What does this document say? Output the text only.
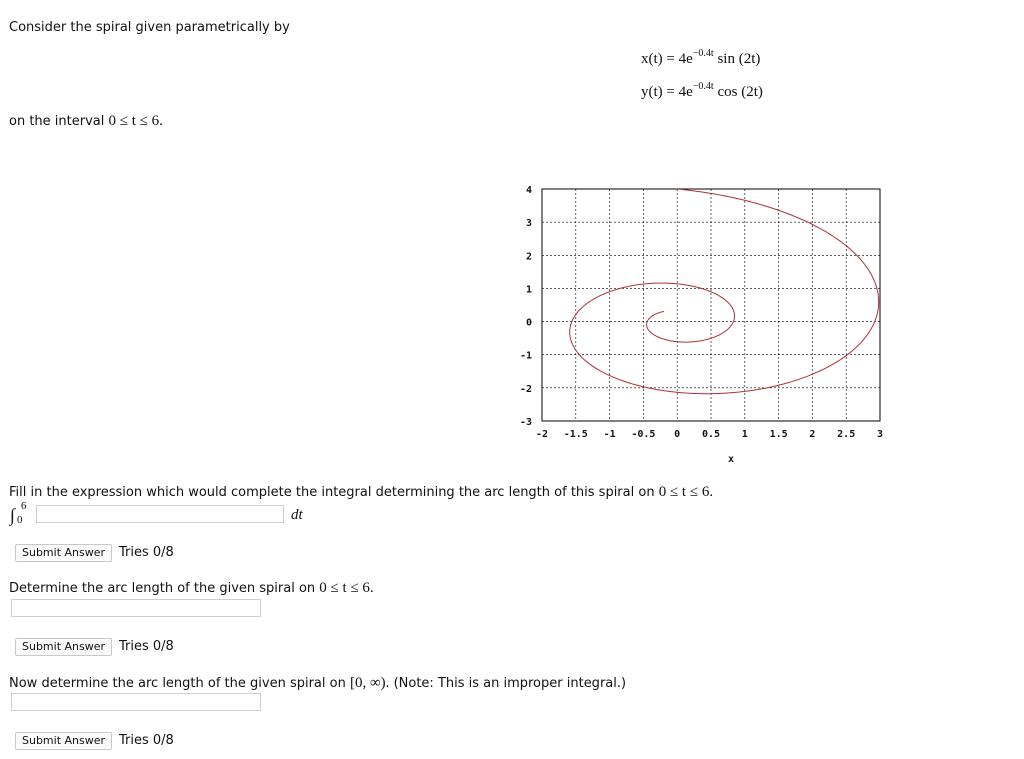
Consider the spiral given parametrically by
$x(t) = 4e^{-0.4t}$ sin (2t)
$y(t) = 4e^{-0.4t}$ cos (2t)
on the interval 0 ≤ t ≤ 6.
-2 -1.5 -1 -0.5 0 0.5 1 1.5 2 2.5 3
4
3
2
1
0
-1
-2
-3
x
Fill in the expression which would complete the integral determining the arc length of this spiral on 0 ≤ t ≤ 6.
∫ 6
0	dt
Submit Answer	Tries 0/8
Determine the arc length of the given spiral on 0 ≤ t ≤ 6.
Submit Answer	Tries 0/8
Now determine the arc length of the given spiral on [0, ∞). (Note: This is an improper integral.)
Submit Answer	Tries 0/8
